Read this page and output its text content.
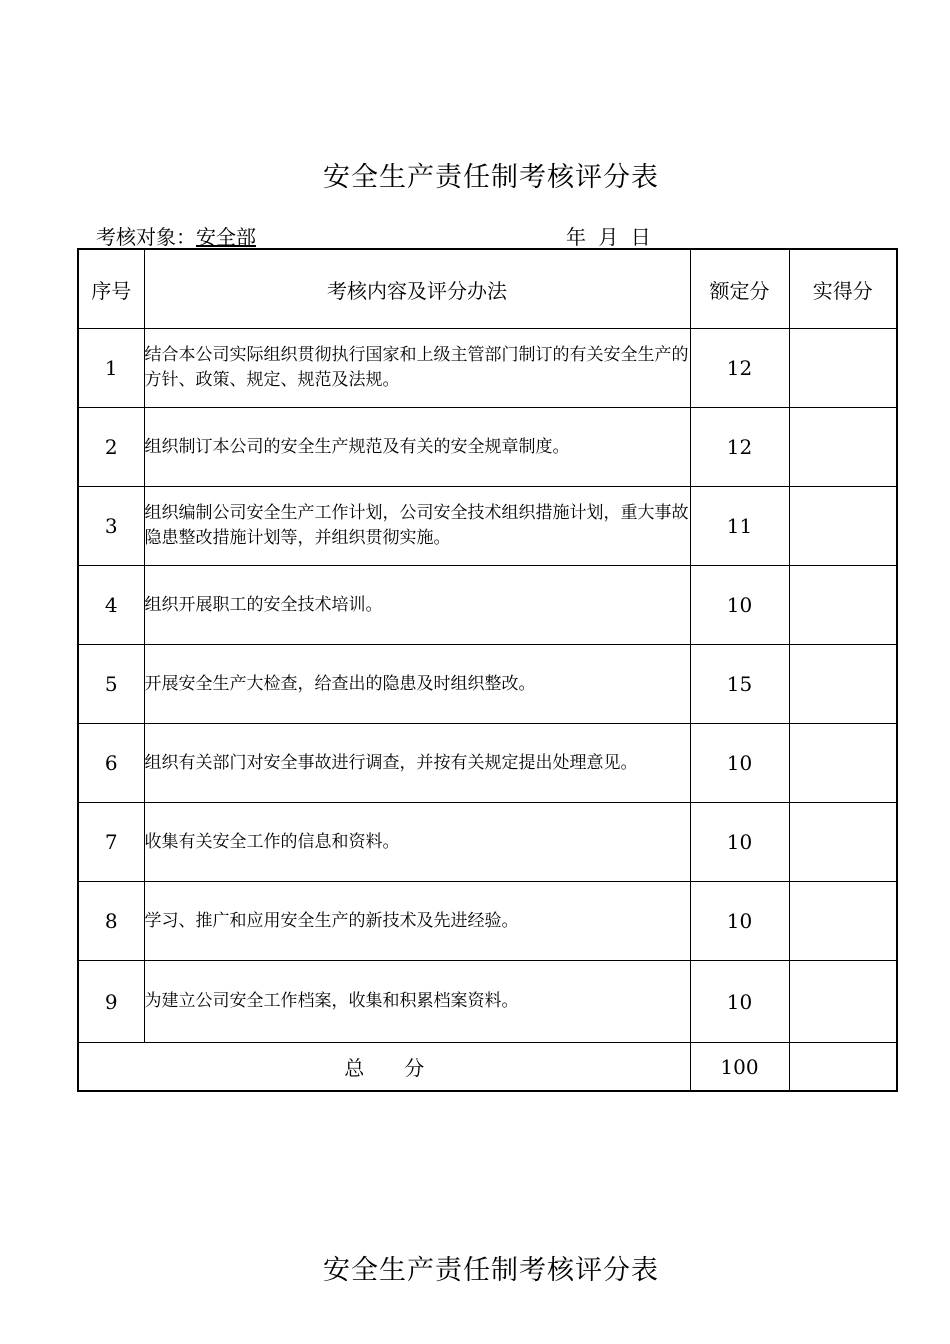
安全生产责任制考核评分表
考核对象：安全部	年 月 日
序号	考核内容及评分办法	额定分	实得分
1	结合本公司实际组织贯彻执行国家和上级主管部门制订的有关安全生产的方针、政策、规定、规范及法规。	12	
2	组织制订本公司的安全生产规范及有关的安全规章制度。	12	
3	组织编制公司安全生产工作计划，公司安全技术组织措施计划，重大事故隐患整改措施计划等，并组织贯彻实施。	11	
4	组织开展职工的安全技术培训。	10	
5	开展安全生产大检查，给查出的隐患及时组织整改。	15	
6	组织有关部门对安全事故进行调查，并按有关规定提出处理意见。	10	
7	收集有关安全工作的信息和资料。	10	
8	学习、推广和应用安全生产的新技术及先进经验。	10	
9	为建立公司安全工作档案，收集和积累档案资料。	10	
总　　分		100	
安全生产责任制考核评分表
